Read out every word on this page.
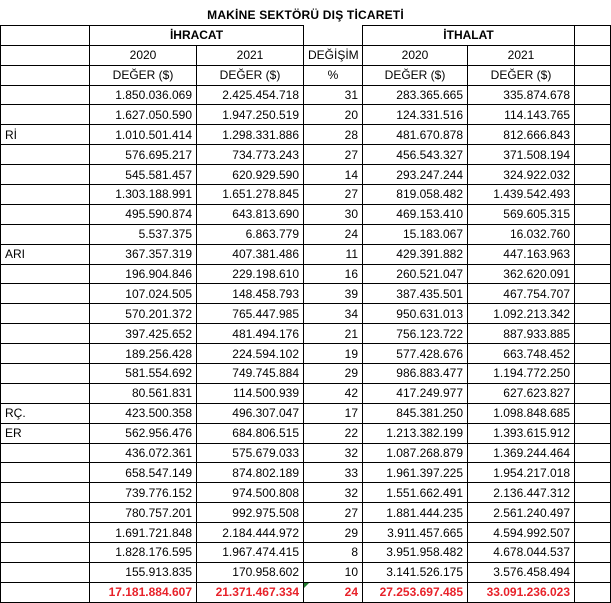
MAKİNE SEKTÖRÜ DIŞ TİCARETİ						
	İHRACAT			İTHALAT		
	2020	2021	DEĞİŞİM	2020	2021	
	DEĞER ($)	DEĞER ($)	%	DEĞER ($)	DEĞER ($)	
	1.850.036.069	2.425.454.718	31	283.365.665	335.874.678	
	1.627.050.590	1.947.250.519	20	124.331.516	114.143.765	
Rİ	1.010.501.414	1.298.331.886	28	481.670.878	812.666.843	
	576.695.217	734.773.243	27	456.543.327	371.508.194	
	545.581.457	620.929.590	14	293.247.244	324.922.032	
	1.303.188.991	1.651.278.845	27	819.058.482	1.439.542.493	
	495.590.874	643.813.690	30	469.153.410	569.605.315	
	5.537.375	6.863.779	24	15.183.067	16.032.760	
ARI	367.357.319	407.381.486	11	429.391.882	447.163.963	
	196.904.846	229.198.610	16	260.521.047	362.620.091	
	107.024.505	148.458.793	39	387.435.501	467.754.707	
	570.201.372	765.447.985	34	950.631.013	1.092.213.342	
	397.425.652	481.494.176	21	756.123.722	887.933.885	
	189.256.428	224.594.102	19	577.428.676	663.748.452	
	581.554.692	749.745.884	29	986.883.477	1.194.772.250	
	80.561.831	114.500.939	42	417.249.977	627.623.827	
RÇ.	423.500.358	496.307.047	17	845.381.250	1.098.848.685	
ER	562.956.476	684.806.515	22	1.213.382.199	1.393.615.912	
	436.072.361	575.679.033	32	1.087.268.879	1.369.244.464	
	658.547.149	874.802.189	33	1.961.397.225	1.954.217.018	
	739.776.152	974.500.808	32	1.551.662.491	2.136.447.312	
	780.757.201	992.975.508	27	1.881.444.235	2.561.240.497	
	1.691.721.848	2.184.444.972	29	3.911.457.665	4.594.992.507	
	1.828.176.595	1.967.474.415	8	3.951.958.482	4.678.044.537	
	155.913.835	170.958.602	10	3.141.526.175	3.576.458.494	
	17.181.884.607	21.371.467.334	24	27.253.697.485	33.091.236.023	
